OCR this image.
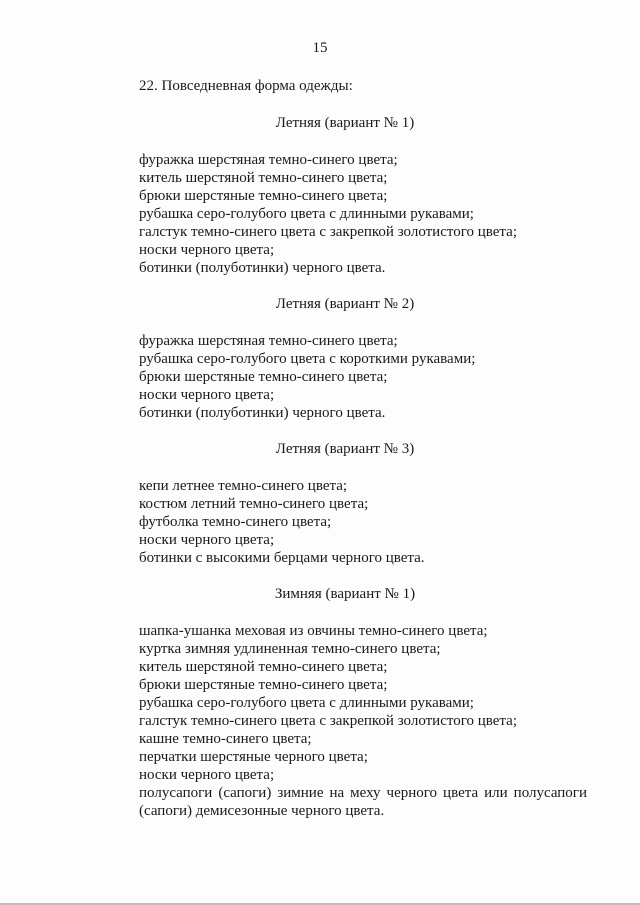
15

22. Повседневная форма одежды:

Летняя (вариант № 1)

фуражка шерстяная темно-синего цвета;
китель шерстяной темно-синего цвета;
брюки шерстяные темно-синего цвета;
рубашка серо-голубого цвета с длинными рукавами;
галстук темно-синего цвета с закрепкой золотистого цвета;
носки черного цвета;
ботинки (полуботинки) черного цвета.

Летняя (вариант № 2)

фуражка шерстяная темно-синего цвета;
рубашка серо-голубого цвета с короткими рукавами;
брюки шерстяные темно-синего цвета;
носки черного цвета;
ботинки (полуботинки) черного цвета.

Летняя (вариант № 3)

кепи летнее темно-синего цвета;
костюм летний темно-синего цвета;
футболка темно-синего цвета;
носки черного цвета;
ботинки с высокими берцами черного цвета.

Зимняя (вариант № 1)

шапка-ушанка меховая из овчины темно-синего цвета;
куртка зимняя удлиненная темно-синего цвета;
китель шерстяной темно-синего цвета;
брюки шерстяные темно-синего цвета;
рубашка серо-голубого цвета с длинными рукавами;
галстук темно-синего цвета с закрепкой золотистого цвета;
кашне темно-синего цвета;
перчатки шерстяные черного цвета;
носки черного цвета;
полусапоги (сапоги) зимние на меху черного цвета или полусапоги (сапоги) демисезонные черного цвета.
